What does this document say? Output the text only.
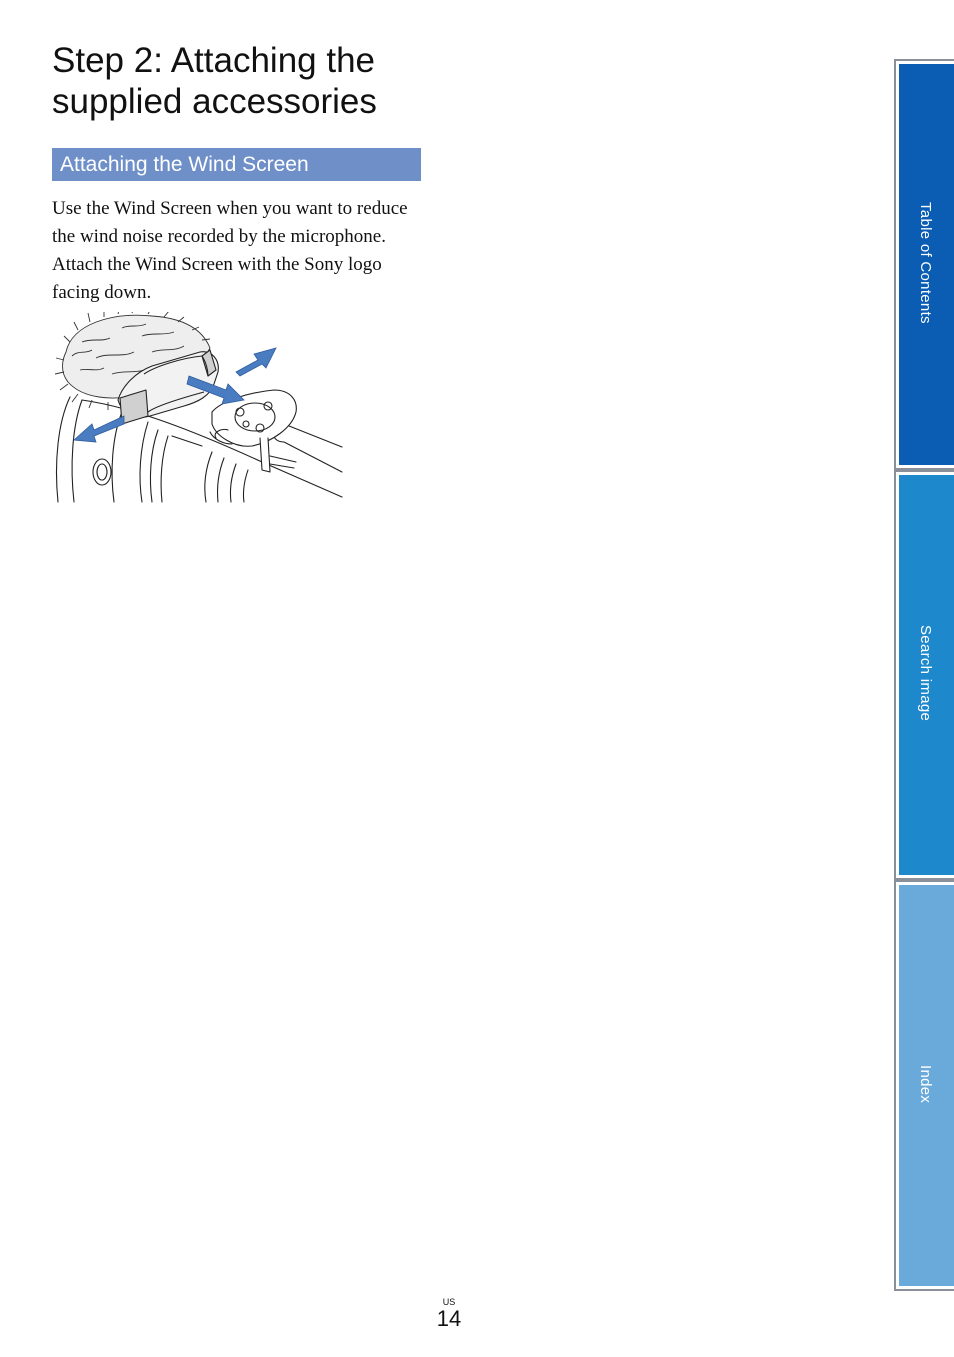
Step 2: Attaching the supplied accessories
Attaching the Wind Screen

Use the Wind Screen when you want to reduce the wind noise recorded by the microphone. Attach the Wind Screen with the Sony logo facing down.	Table of Contents
Search image
Index
US
14
